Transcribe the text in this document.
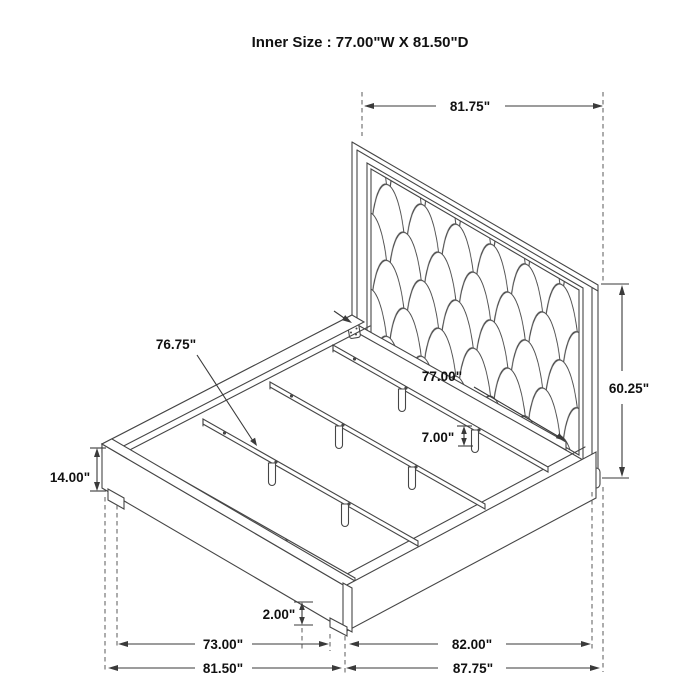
81.75"
60.25"
76.75"
77.00"
7.00"
14.00"
2.00"
73.00"	82.00"
81.50"	87.75"
Inner Size : 77.00"W X 81.50"D
